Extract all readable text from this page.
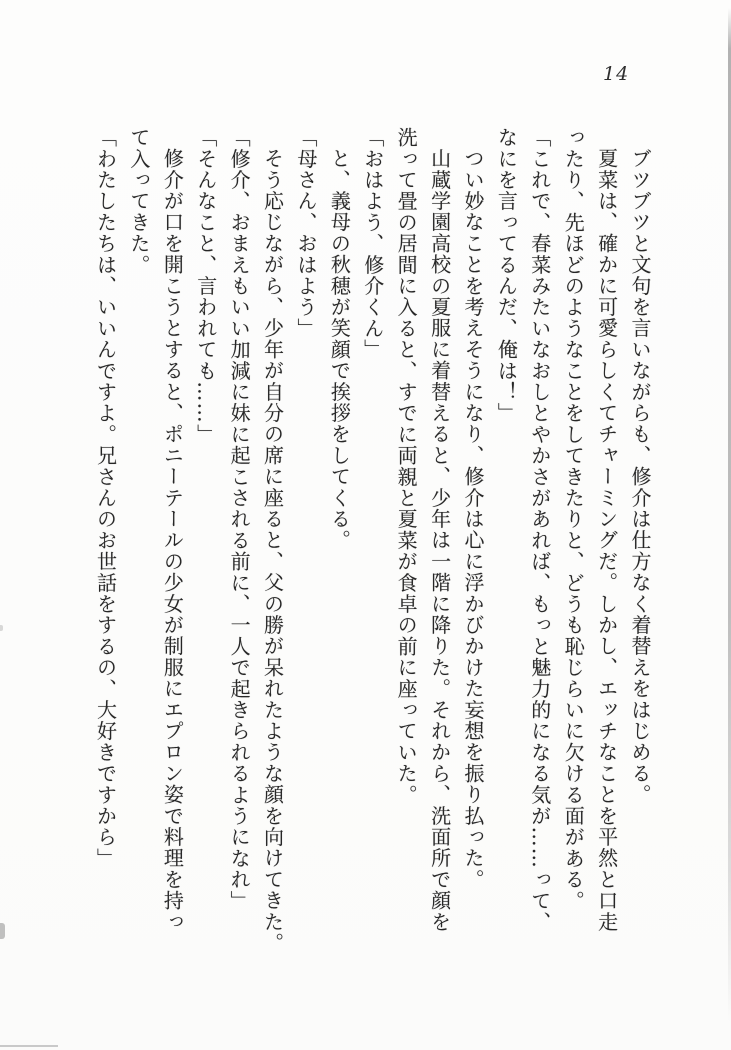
14

ブツブツと文句を言いながらも、修介は仕方なく着替えをはじめる。

夏菜は、確かに可愛らしくてチャーミングだ。しかし、エッチなことを平然と口走

ったり、先ほどのようなことをしてきたりと、どうも恥じらいに欠ける面がある。

「これで、春菜みたいなおしとやかさがあれば、もっと魅力的になる気が……って、

なにを言ってるんだ、俺は！」

つい妙なことを考えそうになり、修介は心に浮かびかけた妄想を振り払った。

山蔵学園高校の夏服に着替えると、少年は一階に降りた。それから、洗面所で顔を

洗って畳の居間に入ると、すでに両親と夏菜が食卓の前に座っていた。

「おはよう、修介くん」

と、義母の秋穂が笑顔で挨拶をしてくる。

「母さん、おはよう」

そう応じながら、少年が自分の席に座ると、父の勝が呆れたような顔を向けてきた。

「修介、おまえもいい加減に妹に起こされる前に、一人で起きられるようになれ」

「そんなこと、言われても……」

修介が口を開こうとすると、ポニーテールの少女が制服にエプロン姿で料理を持っ

て入ってきた。

「わたしたちは、いいんですよ。兄さんのお世話をするの、大好きですから」
